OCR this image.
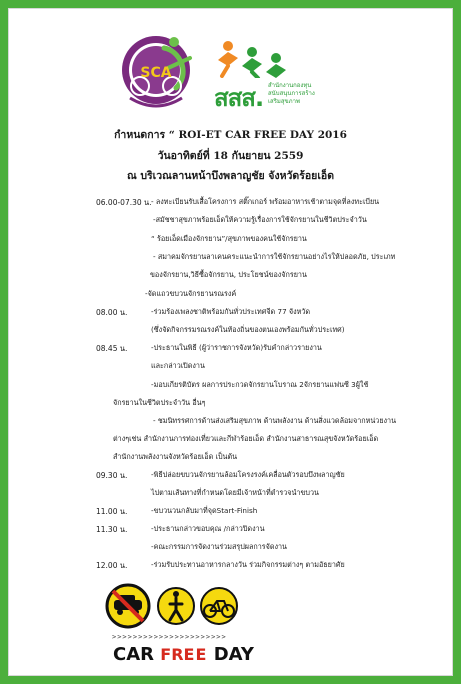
SCA
สสส. สำนักงานกองทุนสนับสนุนการสร้างเสริมสุขภาพ
กำหนดการ “ ROI-ET CAR FREE DAY 2016
วันอาทิตย์ที่ 18 กันยายน 2559
ณ บริเวณลานหน้าบึงพลาญชัย จังหวัดร้อยเอ็ด
06.00-07.30 น. - ลงทะเบียนรับเสื้อโครงการ สติ๊กเกอร์ พร้อมอาหารเช้าตามจุดที่ลงทะเบียน
-สมัชชาสุขภาพร้อยเอ็ดให้ความรู้เรื่องการใช้จักรยานในชีวิตประจำวัน
“ ร้อยเอ็ดเมืองจักรยาน”/สุขภาพของคนใช้จักรยาน
- สมาคมจักรยานลาเคนคระแนะนำการใช้จักรยานอย่างไรให้ปลอดภัย, ประเภท
ของจักรยาน,วิธีซื้อจักรยาน, ประโยชน์ของจักรยาน
-จัดแถวขบวนจักรยานรณรงค์
08.00 น.	-ร่วมร้องเพลงชาติพร้อมกันทั่วประเทศจีด 77 จังหวัด
(ซึ่งจัดกิจกรรมรณรงค์ในท้องถิ่นของตนเองพร้อมกันทั่วประเทศ)
08.45 น.	-ประธานในพิธี (ผู้ว่าราชการจังหวัด)รับคำกล่าวรายงาน
และกล่าวเปิดงาน
-มอบเกียรติบัตร ผลการประกวดจักรยานโบราณ 2จักรยานแฟนซี 3ผู้ใช้
จักรยานในชีวิตประจำวัน อื่นๆ
- ชมนิทรรศการด้านส่งเสริมสุขภาพ ด้านพลังงาน ด้านสิ่งแวดล้อมจากหน่วยงาน
ต่างๆเช่น สำนักงานการท่องเที่ยวและกีฬาร้อยเอ็ด สำนักงานสาธารณสุขจังหวัดร้อยเอ็ด
สำนักงานพลังงานจังหวัดร้อยเอ็ด เป็นต้น
09.30 น.	-พิธีปล่อยขบวนจักรยานล้อมโครงรงค์เคลื่อนตัวรอบบึงพลาญชัย
ไปตามเส้นทางที่กำหนดโดยมีเจ้าหน้าที่ตำรวจนำขบวน
11.00 น.	-ขบวนวนกลับมาที่จุดStart-Finish
11.30 น.	-ประธานกล่าวขอบคุณ /กล่าวปิดงาน
-คณะกรรมการจัดงานร่วมสรุปผลการจัดงาน
12.00 น.	-ร่วมรับประทานอาหารกลางวัน ร่วมกิจกรรมต่างๆ ตามอัธยาศัย
>>>>>>>>>>>>>>>>>>>>>>
CAR FREE DAY
